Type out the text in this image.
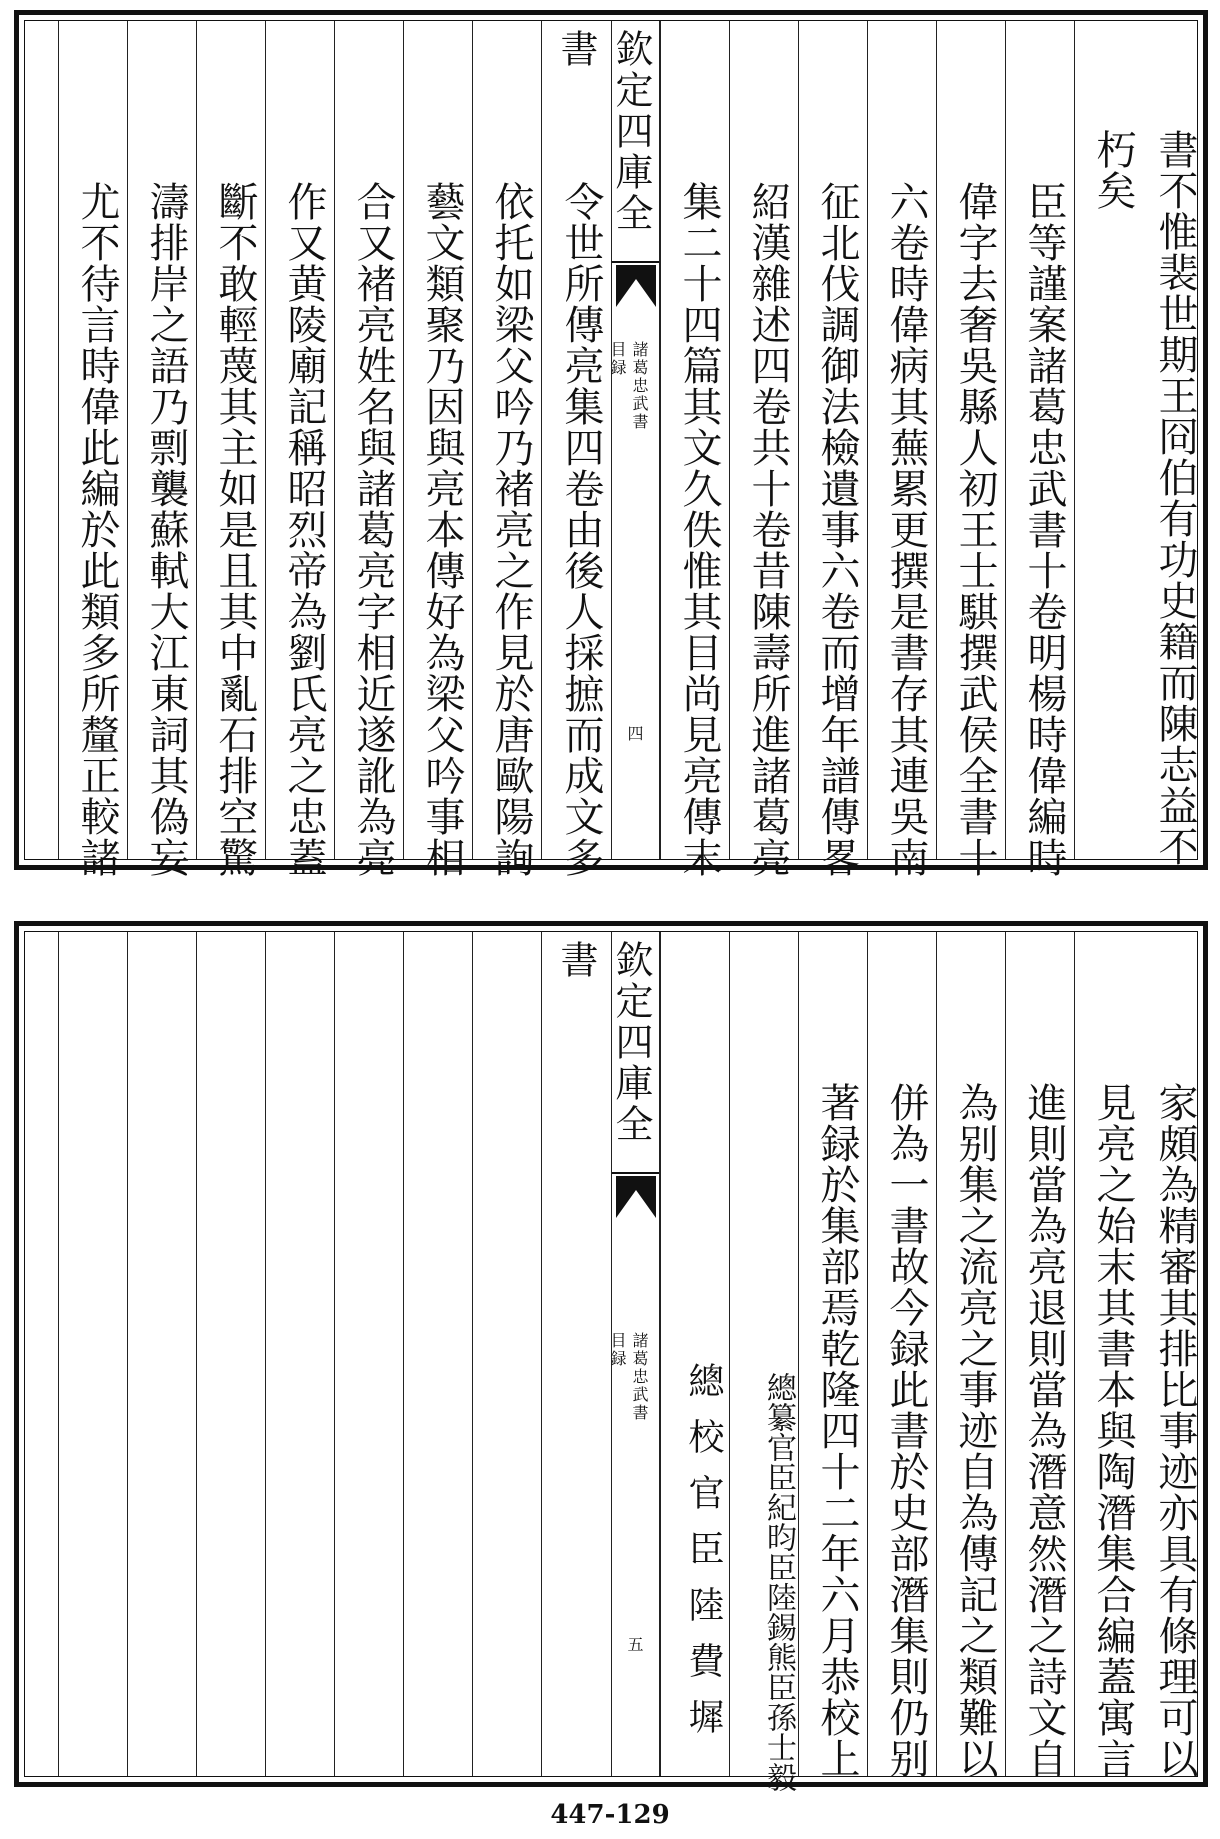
書不惟裴世期王冏伯有功史籍而陳志益不
朽矣
臣等謹案諸葛忠武書十卷明楊時偉編時
偉字去奢吳縣人初王士騏撰武侯全書十
六卷時偉病其蕪累更撰是書存其連吳南
征北伐調御法檢遺事六卷而增年譜傳畧
紹漢雜述四卷共十卷昔陳壽所進諸葛亮
集二十四篇其文久佚惟其目尚見亮傳末
欽定四庫全書
諸葛忠武書
目録
四
令世所傳亮集四卷由後人採摭而成文多
依托如梁父吟乃褚亮之作見於唐歐陽詢
藝文類聚乃因與亮本傳好為梁父吟事相
合又褚亮姓名與諸葛亮字相近遂訛為亮
作又黄陵廟記稱昭烈帝為劉氏亮之忠蓋
斷不敢輕蔑其主如是且其中亂石排空驚
濤排岸之語乃剽襲蘇軾大江東詞其偽妄
尤不待言時偉此編於此類多所釐正較諸
家頗為精審其排比事迹亦具有條理可以
見亮之始末其書本與陶潛集合編蓋寓言
進則當為亮退則當為潛意然潛之詩文自
為别集之流亮之事迹自為傳記之類難以
併為一書故今録此書於史部潛集則仍别
著録於集部焉乾隆四十二年六月恭校上
總纂官臣紀昀臣陸錫熊臣孫士毅
總校官臣陸費墀
欽定四庫全書
諸葛忠武書
目録
五
447-129
